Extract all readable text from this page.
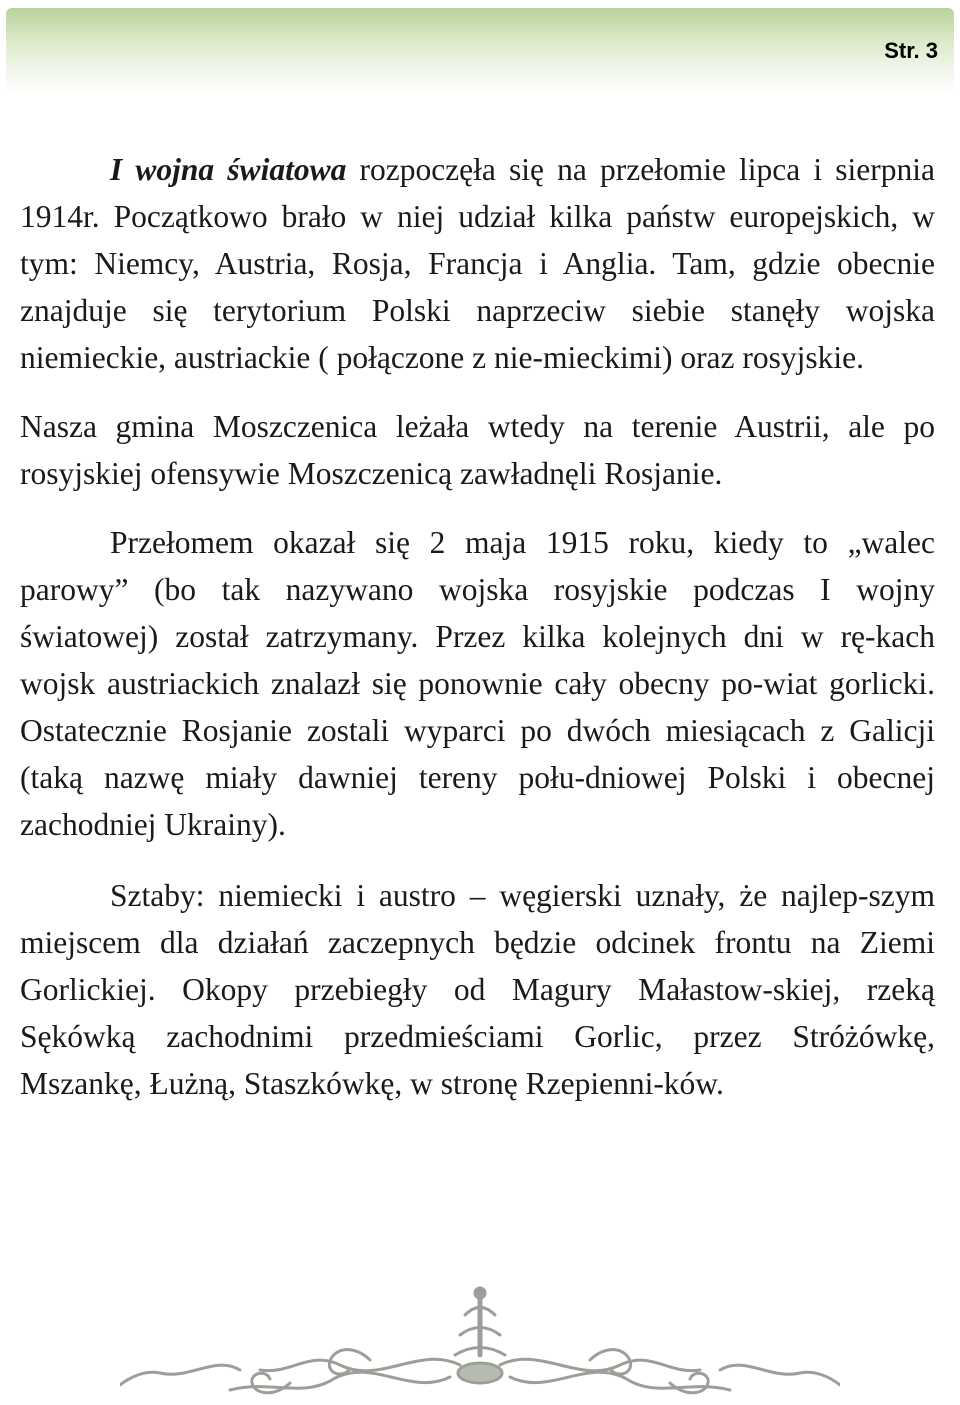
Str. 3

I wojna światowa rozpoczęła się na przełomie lipca i sierpnia 1914r. Początkowo brało w niej udział kilka państw europejskich, w tym: Niemcy, Austria, Rosja, Francja i Anglia. Tam, gdzie obecnie znajduje się terytorium Polski naprzeciw siebie stanęły wojska niemieckie, austriackie ( połączone z nie-mieckimi) oraz rosyjskie.

Nasza gmina Moszczenica leżała wtedy na terenie Austrii, ale po rosyjskiej ofensywie Moszczenicą zawładnęli Rosjanie.

Przełomem okazał się 2 maja 1915 roku, kiedy to „walec parowy” (bo tak nazywano wojska rosyjskie podczas I wojny światowej) został zatrzymany. Przez kilka kolejnych dni w rę-kach wojsk austriackich znalazł się ponownie cały obecny po-wiat gorlicki. Ostatecznie Rosjanie zostali wyparci po dwóch miesiącach z Galicji (taką nazwę miały dawniej tereny połu-dniowej Polski i obecnej zachodniej Ukrainy).

Sztaby: niemiecki i austro – węgierski uznały, że najlep-szym miejscem dla działań zaczepnych będzie odcinek frontu na Ziemi Gorlickiej. Okopy przebiegły od Magury Małastow-skiej, rzeką Sękówką zachodnimi przedmieściami Gorlic, przez Stróżówkę, Mszankę, Łużną, Staszkówkę, w stronę Rzepienni-ków.
